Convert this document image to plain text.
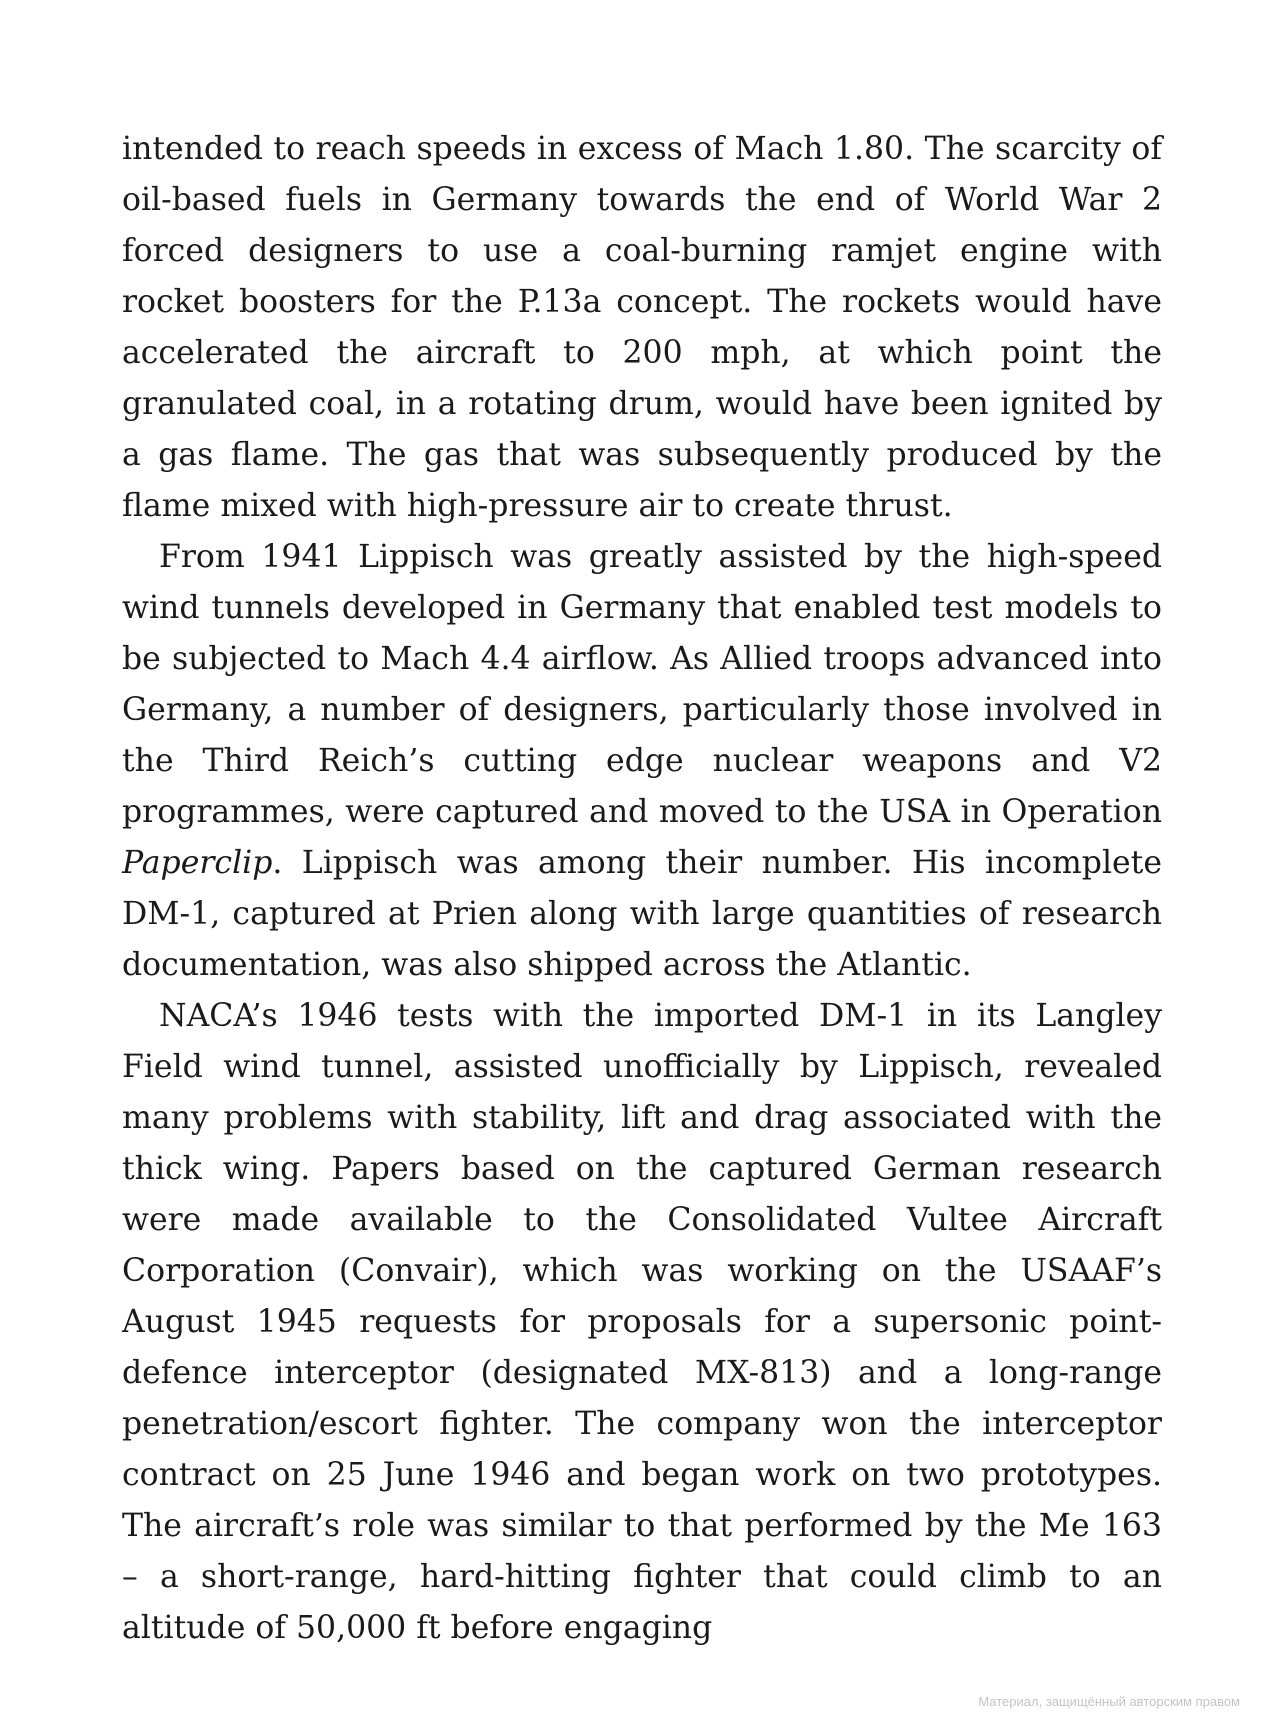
intended to reach speeds in excess of Mach 1.80. The scarcity of oil-based fuels in Germany towards the end of World War 2 forced designers to use a coal-burning ramjet engine with rocket boosters for the P.13a concept. The rockets would have accelerated the aircraft to 200 mph, at which point the granulated coal, in a rotating drum, would have been ignited by a gas flame. The gas that was subsequently produced by the flame mixed with high-pressure air to create thrust.

From 1941 Lippisch was greatly assisted by the high-speed wind tunnels developed in Germany that enabled test models to be subjected to Mach 4.4 airflow. As Allied troops advanced into Germany, a number of designers, particularly those involved in the Third Reich’s cutting edge nuclear weapons and V2 programmes, were captured and moved to the USA in Operation Paperclip. Lippisch was among their number. His incomplete DM-1, captured at Prien along with large quantities of research documentation, was also shipped across the Atlantic.

NACA’s 1946 tests with the imported DM-1 in its Langley Field wind tunnel, assisted unofficially by Lippisch, revealed many problems with stability, lift and drag associated with the thick wing. Papers based on the captured German research were made available to the Consolidated Vultee Aircraft Corporation (Convair), which was working on the USAAF’s August 1945 requests for proposals for a supersonic point-defence interceptor (designated MX-813) and a long-range penetration/escort fighter. The company won the interceptor contract on 25 June 1946 and began work on two prototypes. The aircraft’s role was similar to that performed by the Me 163 – a short-range, hard-hitting fighter that could climb to an altitude of 50,000 ft before engaging

Материал, защищённый авторским правом
